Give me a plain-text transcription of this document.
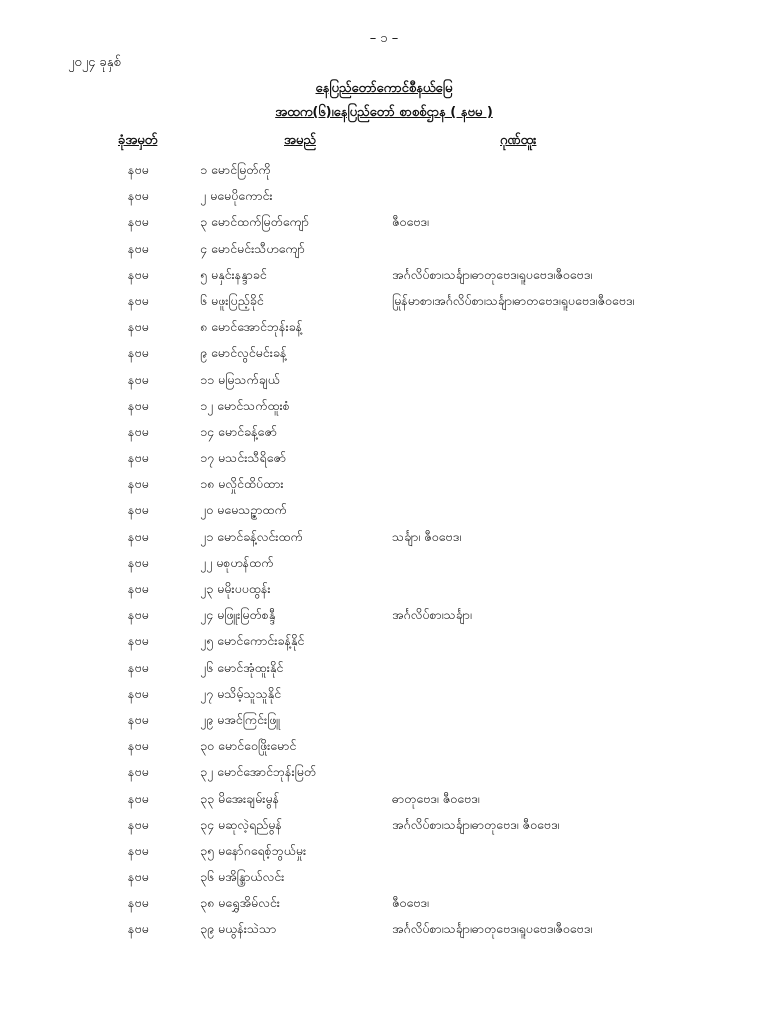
– ၁ –
၂၀၂၄ ခုနှစ်
နေပြည်တော်ကောင်စီနယ်မြေ
အထက(၆)၊နေပြည်တော် စာစစ်ဌာန ( နဗမ )
ခုံအမှတ်	အမည်	ဂုဏ်ထူး
နဗမ	၁ မောင်မြတ်ကို
နဗမ	၂ မမေပိုကောင်း
နဗမ	၃ မောင်ထက်မြတ်ကျော်	ဇီဝဗေဒ၊
နဗမ	၄ မောင်မင်းသီဟကျော်
နဗမ	၅ မနှင်းနန္ဒာခင်	အင်္ဂလိပ်စာ၊သင်္ချာ၊ဓာတုဗေဒ၊ရူပဗေဒ၊ဇီဝဗေဒ၊
နဗမ	၆ မဖူးပြည့်ခိုင်	မြန်မာစာ၊အင်္ဂလိပ်စာ၊သင်္ချာ၊ဓာတုဗေဒ၊ရူပဗေဒ၊ဇီဝဗေဒ၊
နဗမ	၈ မောင်အောင်ဘုန်းခန့်
နဗမ	၉ မောင်လွင်မင်းခန့်
နဗမ	၁၁ မမြသက်ချယ်
နဗမ	၁၂ မောင်သက်ထူးစံ
နဗမ	၁၄ မောင်ခန့်ဇော်
နဗမ	၁၇ မသင်းသီရိဇော်
နဗမ	၁၈ မလှိုင်ထိပ်ထား
နဗမ	၂၀ မမေသဉ္ဇာထက်
နဗမ	၂၁ မောင်ခန့်လင်းထက်	သင်္ချာ၊ ဇီဝဗေဒ၊
နဗမ	၂၂ မစုဟန်ထက်
နဗမ	၂၃ မမိုးပပထွန်း
နဗမ	၂၄ မဖြူးမြတ်စန္ဒီ	အင်္ဂလိပ်စာ၊သင်္ချာ၊
နဗမ	၂၅ မောင်ကောင်းခန့်နိုင်
နဗမ	၂၆ မောင်အုံထူးနိုင်
နဗမ	၂၇ မသိမ့်သူသူနိုင်
နဗမ	၂၉ မအင်ကြင်းဖြူ
နဗမ	၃၀ မောင်ဝေဖြိုးမောင်
နဗမ	၃၂ မောင်အောင်ဘုန်းမြတ်
နဗမ	၃၃ မိအေးချမ်းမွန်	ဓာတုဗေဒ၊ ဇီဝဗေဒ၊
နဗမ	၃၄ မဆုလဲ့ရည်မွန်	အင်္ဂလိပ်စာ၊သင်္ချာ၊ဓာတုဗေဒ၊ ဇီဝဗေဒ၊
နဗမ	၃၅ မနော်ဂရေစ့်ဘွယ်မှုး
နဗမ	၃၆ မအိန္ဒြာယ်လင်း
နဗမ	၃၈ မရွှေအိမ်လင်း	ဇီဝဗေဒ၊
နဗမ	၃၉ မယွန်းသဲသာ	အင်္ဂလိပ်စာ၊သင်္ချာ၊ဓာတုဗေဒ၊ရူပဗေဒ၊ဇီဝဗေဒ၊
